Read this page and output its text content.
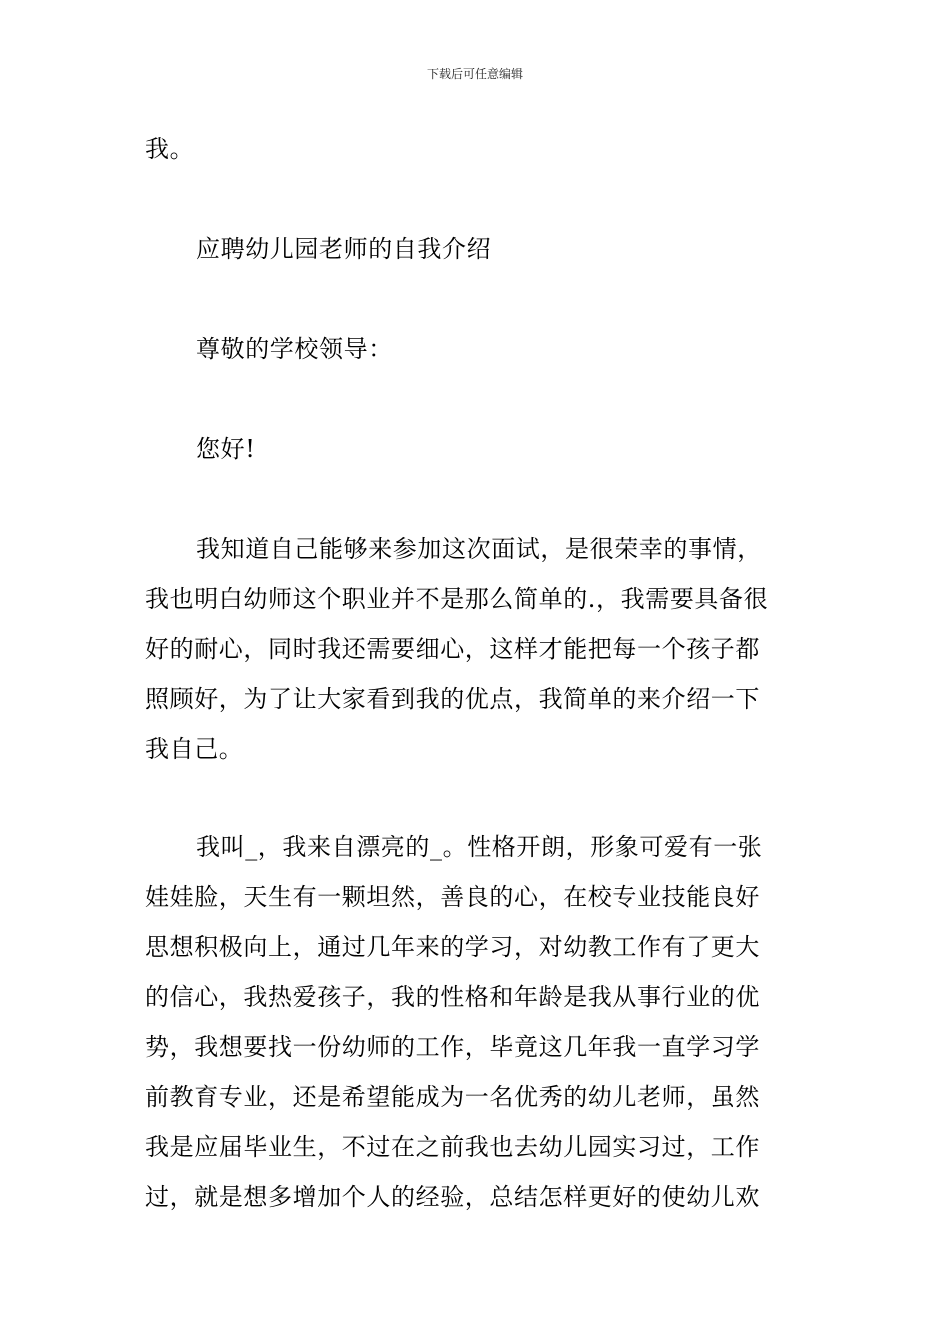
下载后可任意编辑
我。
应聘幼儿园老师的自我介绍
尊敬的学校领导：
您好!
我知道自己能够来参加这次面试，是很荣幸的事情，
我也明白幼师这个职业并不是那么简单的.，我需要具备很
好的耐心，同时我还需要细心，这样才能把每一个孩子都
照顾好，为了让大家看到我的优点，我简单的来介绍一下
我自己。
我叫_，我来自漂亮的_。性格开朗，形象可爱有一张
娃娃脸，天生有一颗坦然，善良的心，在校专业技能良好
思想积极向上，通过几年来的学习，对幼教工作有了更大
的信心，我热爱孩子，我的性格和年龄是我从事行业的优
势，我想要找一份幼师的工作，毕竟这几年我一直学习学
前教育专业，还是希望能成为一名优秀的幼儿老师，虽然
我是应届毕业生，不过在之前我也去幼儿园实习过，工作
过，就是想多增加个人的经验，总结怎样更好的使幼儿欢
